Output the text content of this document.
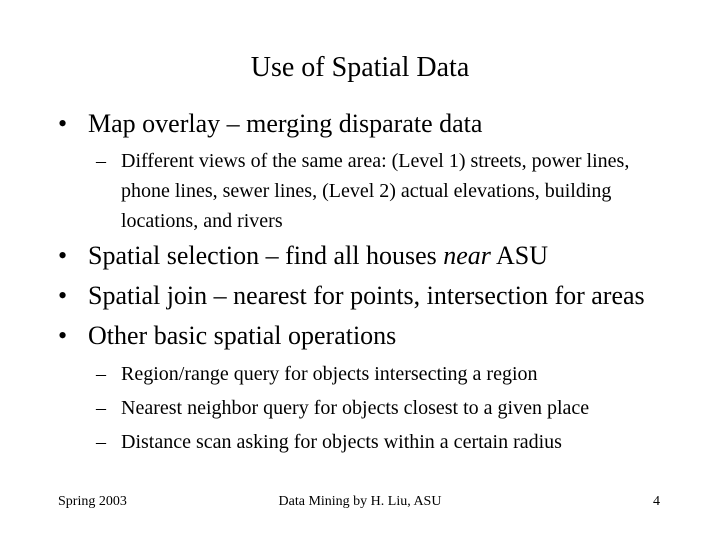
Use of Spatial Data
• Map overlay – merging disparate data
– Different views of the same area: (Level 1) streets, power lines, phone lines, sewer lines, (Level 2) actual elevations, building locations, and rivers
• Spatial selection – find all houses near ASU
• Spatial join – nearest for points, intersection for areas
• Other basic spatial operations
– Region/range query for objects intersecting a region
– Nearest neighbor query for objects closest to a given place
– Distance scan asking for objects within a certain radius
Spring 2003	Data Mining by H. Liu, ASU	4
